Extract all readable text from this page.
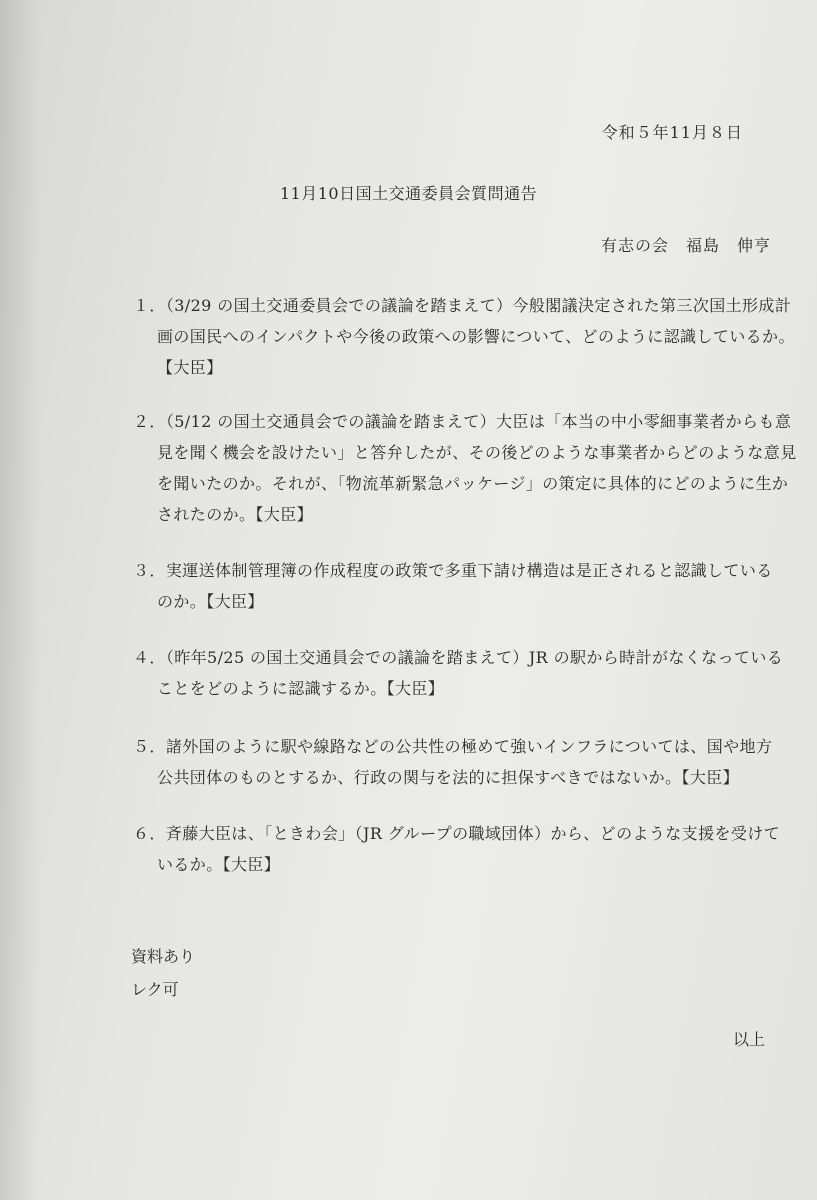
令和５年11月８日
11月10日国土交通委員会質問通告
有志の会　福島　伸亨
１．（3/29 の国土交通委員会での議論を踏まえて）今般閣議決定された第三次国土形成計
画の国民へのインパクトや今後の政策への影響について、どのように認識しているか。
【大臣】
２．（5/12 の国土交通員会での議論を踏まえて）大臣は「本当の中小零細事業者からも意
見を聞く機会を設けたい」と答弁したが、その後どのような事業者からどのような意見
を聞いたのか。それが、「物流革新緊急パッケージ」の策定に具体的にどのように生か
されたのか。【大臣】
３．実運送体制管理簿の作成程度の政策で多重下請け構造は是正されると認識している
のか。【大臣】
４．（昨年5/25 の国土交通員会での議論を踏まえて）JR の駅から時計がなくなっている
ことをどのように認識するか。【大臣】
５．諸外国のように駅や線路などの公共性の極めて強いインフラについては、国や地方
公共団体のものとするか、行政の関与を法的に担保すべきではないか。【大臣】
６．斉藤大臣は、「ときわ会」（JR グループの職域団体）から、どのような支援を受けて
いるか。【大臣】
資料あり
レク可
以上
